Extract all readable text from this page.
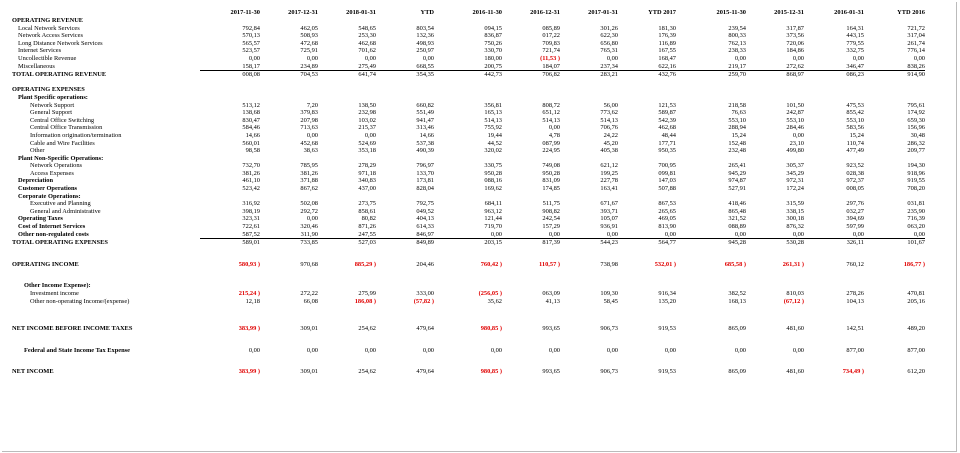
	2017-11-30	2017-12-31	2018-01-31	YTD	2016-11-30	2016-12-31	2017-01-31	YTD 2017	2015-11-30	2015-12-31	2016-01-31	YTD 2016
OPERATING REVENUE												
Local Network Services	792,84	462,05	548,65	803,54	094,15	085,89	301,26	181,30	239,54	317,87	164,31	721,72
Network Access Services	570,13	508,93	253,30	132,36	836,87	017,22	622,30	176,39	800,33	373,56	443,15	317,04
Long Distance Network Services	565,57	472,68	462,68	498,93	750,26	709,83	656,80	116,89	762,13	720,06	779,55	261,74
Internet Services	523,57	725,91	701,62	250,97	330,70	721,74	765,31	167,55	238,33	184,86	332,75	776,14
Uncollectible Revenue	0,00	0,00	0,00	0,00	180,00	(11,53 )	0,00	168,47	0,00	0,00	0,00	0,00
Miscellaneous	158,17	234,89	275,49	668,55	200,75	184,07	237,34	622,16	219,17	272,62	346,47	838,26
TOTAL OPERATING REVENUE	008,08	704,53	641,74	354,35	442,73	706,82	283,21	432,76	259,70	868,97	086,23	914,90

OPERATING EXPENSES												
Plant Specific operations:												
Network Support	513,12	7,20	138,50	660,82	356,81	808,72	56,00	121,53	218,58	101,50	475,53	795,61
General Support	138,68	379,83	232,98	551,49	165,13	651,12	773,62	589,87	76,63	242,87	855,42	174,92
Central Office Switching	830,47	207,98	103,02	941,47	514,13	514,13	514,13	542,39	553,10	553,10	553,10	659,30
Central Office Transmission	584,46	713,63	215,37	313,46	755,92	0,00	706,76	462,68	288,94	284,46	583,56	156,96
Information origination/termination	14,66	0,00	0,00	14,66	19,44	4,78	24,22	48,44	15,24	0,00	15,24	30,48
Cable and Wire Facilities	560,01	452,68	524,69	537,38	44,52	087,99	45,20	177,71	152,48	23,10	110,74	286,32
Other	98,58	38,63	353,18	490,39	320,02	224,95	405,38	950,35	232,48	499,80	477,49	209,77
Plant Non-Specific Operations:												
Network Operations	732,70	785,95	278,29	796,97	330,75	749,08	621,12	700,95	265,41	305,37	923,52	194,30
Access Expenses	381,26	381,26	971,18	133,70	950,28	950,28	199,25	099,81	945,29	345,29	028,38	918,96
Depreciation	461,10	371,88	340,83	173,81	088,16	831,09	227,78	147,03	974,87	972,31	972,37	919,55
Customer Operations	523,42	867,62	437,00	828,04	169,62	174,85	163,41	507,88	527,91	172,24	008,05	708,20
Corporate Operations:												
Executive and Planning	316,92	502,08	273,75	792,75	684,11	511,75	671,67	867,53	418,46	315,59	297,76	031,81
General and Administrative	398,19	292,72	858,61	049,52	963,12	908,82	393,71	265,65	865,48	338,15	032,27	235,90
Operating Taxes	323,31	0,00	80,82	404,13	121,44	242,54	105,07	469,05	321,52	300,18	394,69	716,39
Cost of Internet Services	722,61	320,46	871,26	614,33	719,70	157,29	936,91	813,90	088,89	876,32	597,99	063,20
Other non-regulated costs	587,52	311,90	247,55	846,97	0,00	0,00	0,00	0,00	0,00	0,00	0,00	0,00
TOTAL OPERATING EXPENSES	589,01	733,85	527,03	849,89	203,15	817,39	544,23	564,77	945,28	530,28	326,11	101,67

OPERATING INCOME	580,93 )	970,68	885,29 )	204,46	760,42 )	110,57 )	738,98	532,01 )	685,58 )	261,31 )	760,12	186,77 )

Other Income Expense):												
Investment income	215,24 )	272,22	275,99	333,00	(256,05 )	063,09	109,30	916,34	382,52	810,03	278,26	470,81
Other non-operating Income/(expense)	12,18	66,08	186,08 )	(57,82 )	35,62	41,13	58,45	135,20	168,13	(67,12 )	104,13	205,16

NET INCOME BEFORE INCOME TAXES	383,99 )	309,01	254,62	479,64	980,85 )	993,65	906,73	919,53	865,09	481,60	142,51	489,20

Federal and State Income Tax Expense	0,00	0,00	0,00	0,00	0,00	0,00	0,00	0,00	0,00	0,00	877,00	877,00

NET INCOME	383,99 )	309,01	254,62	479,64	980,85 )	993,65	906,73	919,53	865,09	481,60	734,49 )	612,20
